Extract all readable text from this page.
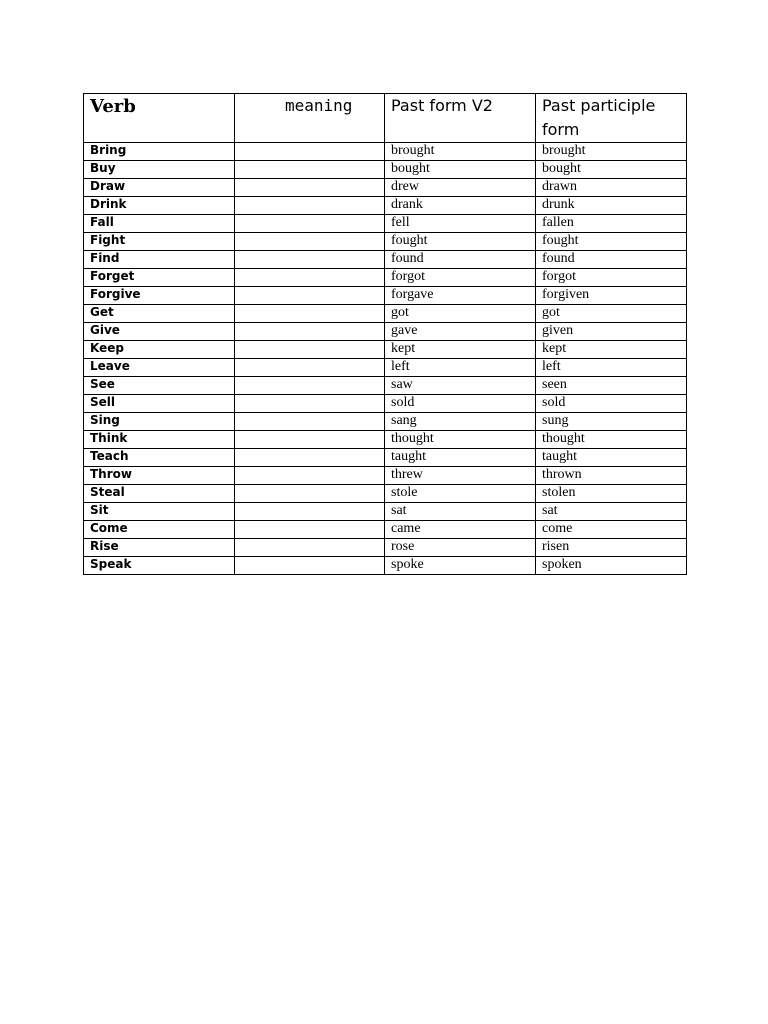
Verb	meaning	Past form V2	Past participle form
Bring		brought	brought
Buy		bought	bought
Draw		drew	drawn
Drink		drank	drunk
Fall		fell	fallen
Fight		fought	fought
Find		found	found
Forget		forgot	forgot
Forgive		forgave	forgiven
Get		got	got
Give		gave	given
Keep		kept	kept
Leave		left	left
See		saw	seen
Sell		sold	sold
Sing		sang	sung
Think		thought	thought
Teach		taught	taught
Throw		threw	thrown
Steal		stole	stolen
Sit		sat	sat
Come		came	come
Rise		rose	risen
Speak		spoke	spoken
